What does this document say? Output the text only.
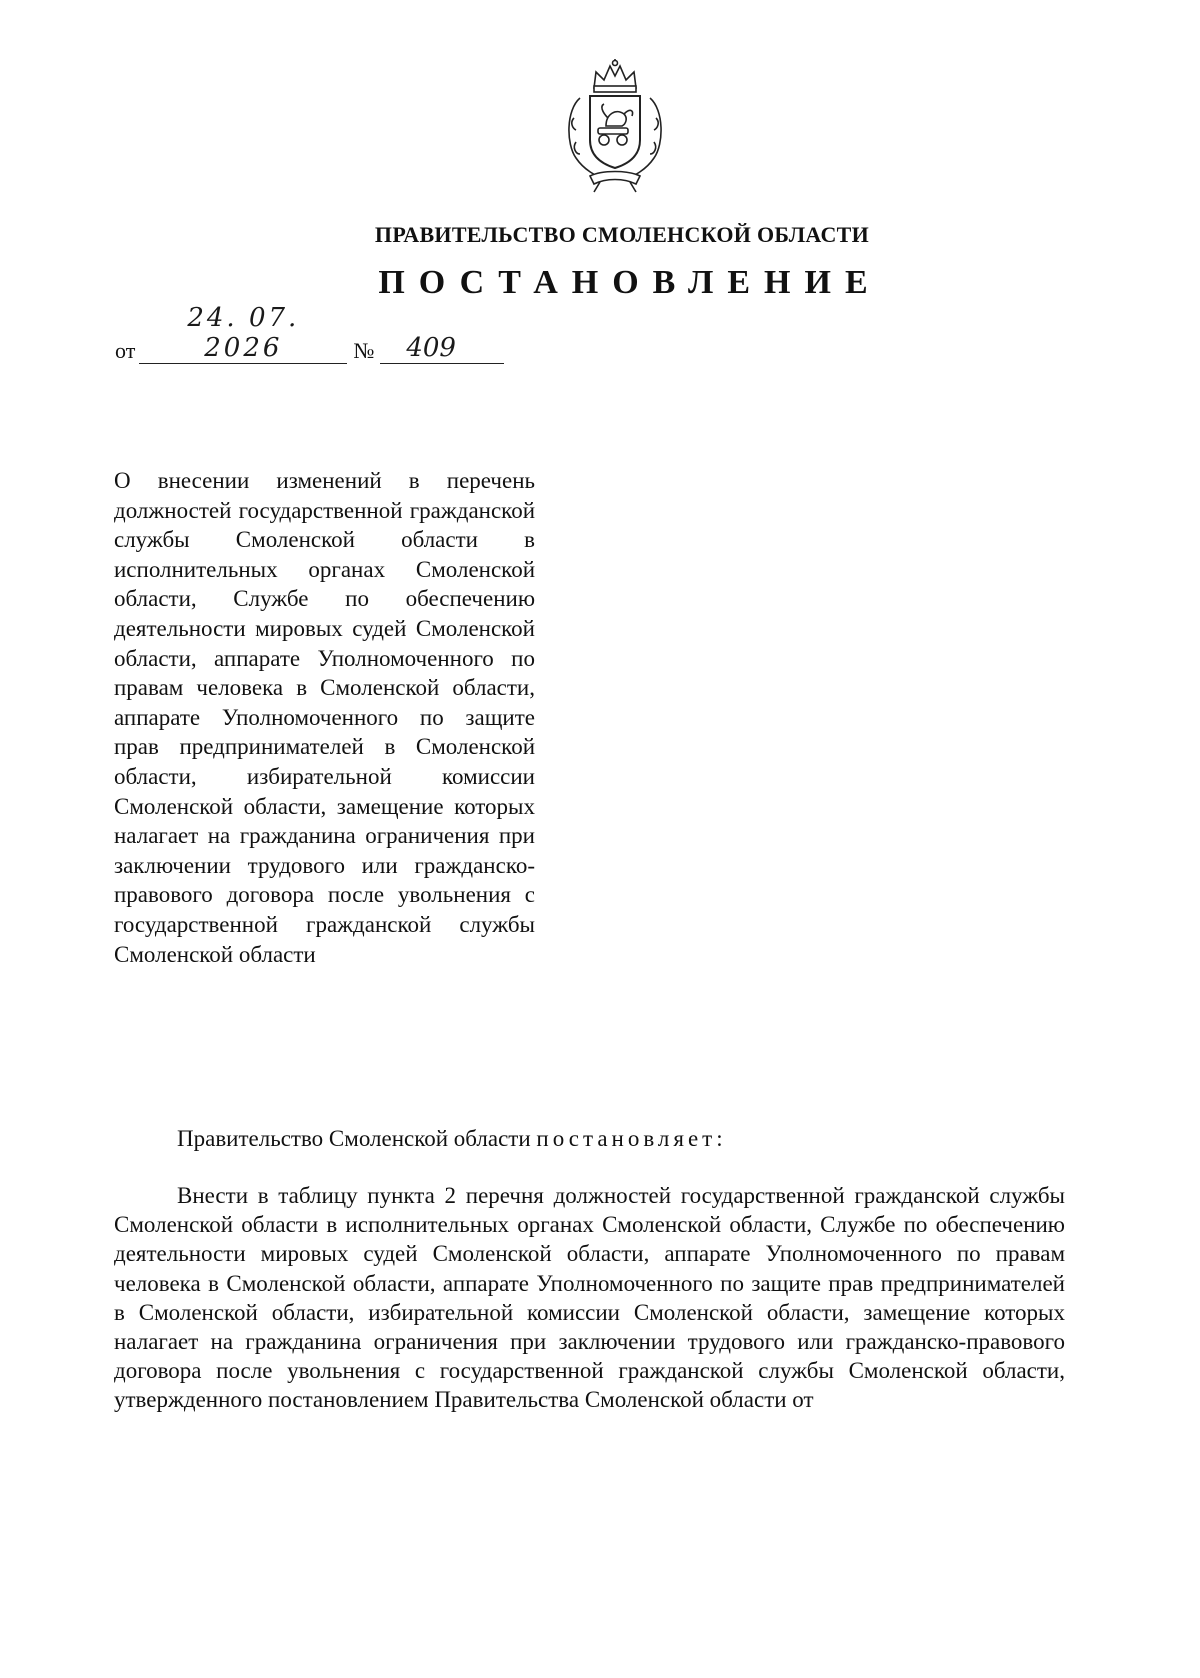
ПРАВИТЕЛЬСТВО СМОЛЕНСКОЙ ОБЛАСТИ
ПОСТАНОВЛЕНИЕ
от
24. 07. 2026	№	409
О внесении изменений в перечень должностей государственной гражданской службы Смоленской области в исполнительных органах Смоленской области, Службе по обеспечению деятельности мировых судей Смоленской области, аппарате Уполномоченного по правам человека в Смоленской области, аппарате Уполномоченного по защите прав предпринимателей в Смоленской области, избирательной комиссии Смоленской области, замещение которых налагает на гражданина ограничения при заключении трудового или гражданско-правового договора после увольнения с государственной гражданской службы Смоленской области
Правительство Смоленской области постановляет:
Внести в таблицу пункта 2 перечня должностей государственной гражданской службы Смоленской области в исполнительных органах Смоленской области, Службе по обеспечению деятельности мировых судей Смоленской области, аппарате Уполномоченного по правам человека в Смоленской области, аппарате Уполномоченного по защите прав предпринимателей в Смоленской области, избирательной комиссии Смоленской области, замещение которых налагает на гражданина ограничения при заключении трудового или гражданско-правового договора после увольнения с государственной гражданской службы Смоленской области, утвержденного постановлением Правительства Смоленской области от
